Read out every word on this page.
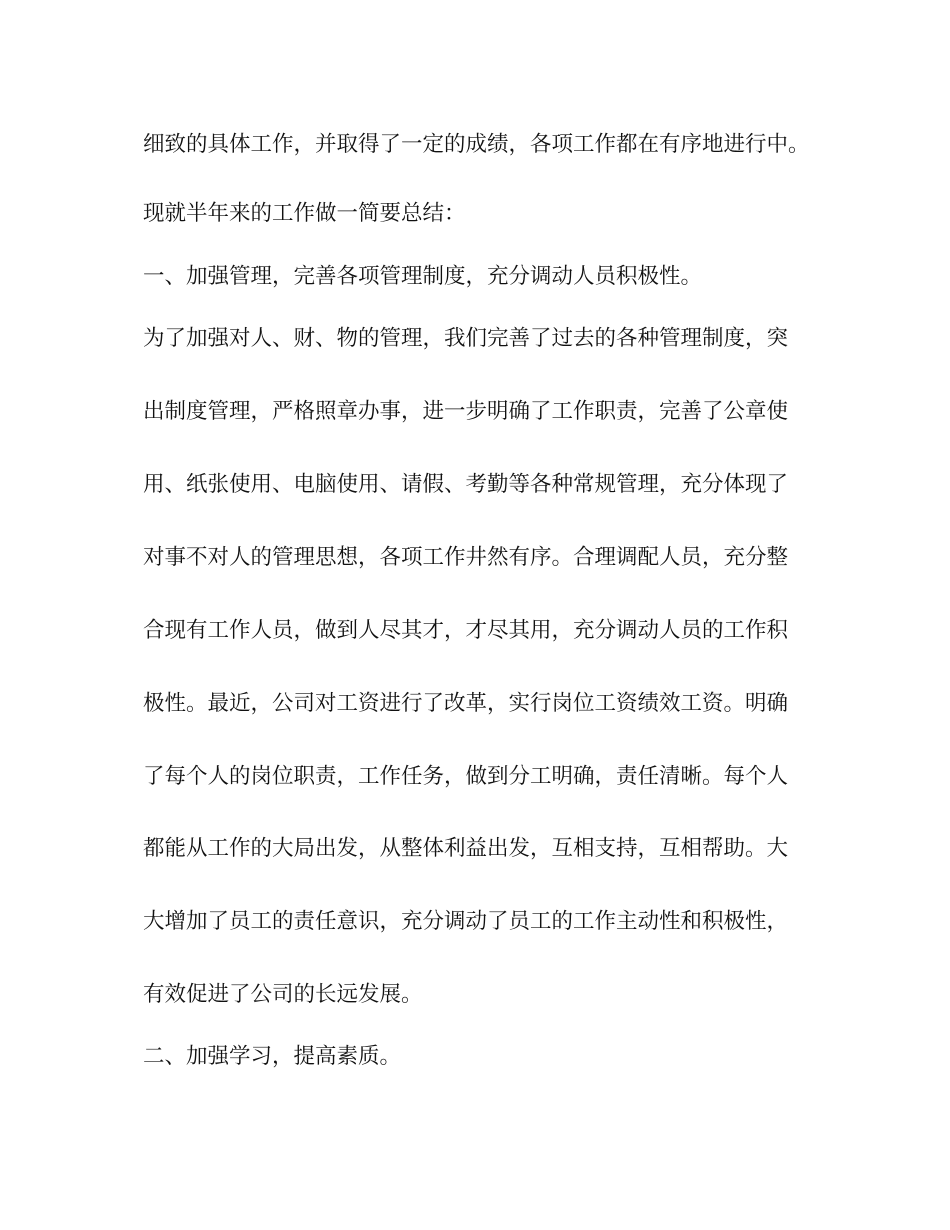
细致的具体工作，并取得了一定的成绩，各项工作都在有序地进行中。

现就半年来的工作做一简要总结：

一、加强管理，完善各项管理制度，充分调动人员积极性。

为了加强对人、财、物的管理，我们完善了过去的各种管理制度，突

出制度管理，严格照章办事，进一步明确了工作职责，完善了公章使

用、纸张使用、电脑使用、请假、考勤等各种常规管理，充分体现了

对事不对人的管理思想，各项工作井然有序。合理调配人员，充分整

合现有工作人员，做到人尽其才，才尽其用，充分调动人员的工作积

极性。最近，公司对工资进行了改革，实行岗位工资绩效工资。明确

了每个人的岗位职责，工作任务，做到分工明确，责任清晰。每个人

都能从工作的大局出发，从整体利益出发，互相支持，互相帮助。大

大增加了员工的责任意识，充分调动了员工的工作主动性和积极性，

有效促进了公司的长远发展。

二、加强学习，提高素质。
